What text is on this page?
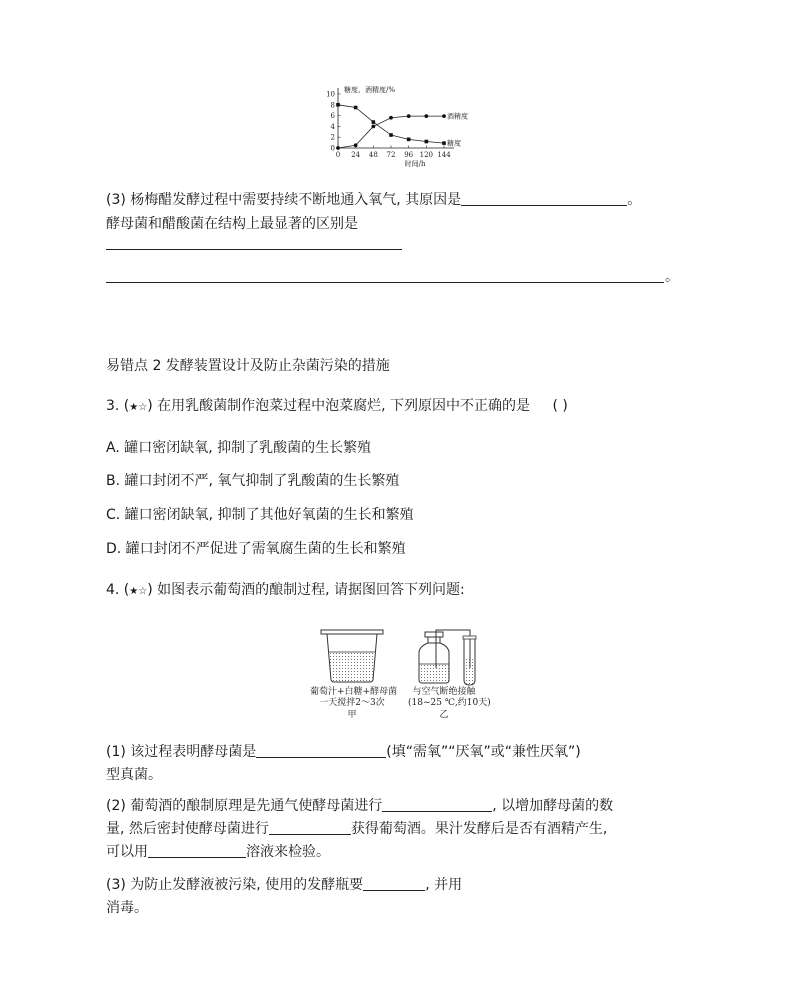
0
2
4
6
8
10
0 24 48 72 96 120 144
糖度、酒精度/%
时间/h
酒精度
糖度
(3) 杨梅醋发酵过程中需要持续不断地通入氧气, 其原因是	。
酵母菌和醋酸菌在结构上最显著的区别是
。
易错点 2 发酵装置设计及防止杂菌污染的措施
3. (★☆) 在用乳酸菌制作泡菜过程中泡菜腐烂, 下列原因中不正确的是 ( )
A. 罐口密闭缺氧, 抑制了乳酸菌的生长繁殖
B. 罐口封闭不严, 氧气抑制了乳酸菌的生长繁殖
C. 罐口密闭缺氧, 抑制了其他好氧菌的生长和繁殖
D. 罐口封闭不严促进了需氧腐生菌的生长和繁殖
4. (★☆) 如图表示葡萄酒的酿制过程, 请据图回答下列问题:
葡萄汁+白糖+酵母菌
一天搅拌2～3次
甲
与空气断绝接触
(18~25 ℃,约10天)
乙
(1) 该过程表明酵母菌是	(填“需氧”“厌氧”或“兼性厌氧”)
型真菌。
(2) 葡萄酒的酿制原理是先通气使酵母菌进行	, 以增加酵母菌的数
量, 然后密封使酵母菌进行	获得葡萄酒。果汁发酵后是否有酒精产生,
可以用	溶液来检验。
(3) 为防止发酵液被污染, 使用的发酵瓶要	, 并用
消毒。
